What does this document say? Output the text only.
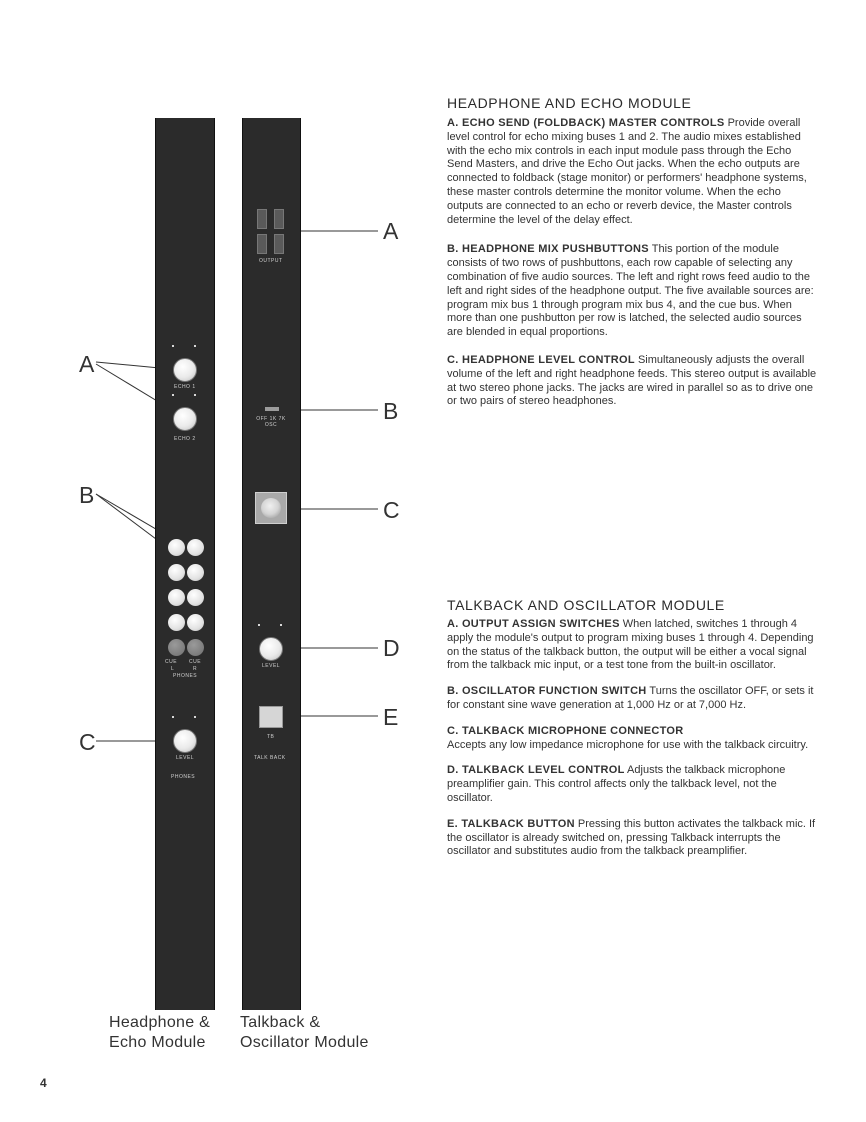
ECHO 1
ECHO 2
CUE CUE
L	R
PHONES
LEVEL
PHONES
OUTPUT
OFF 1K 7K OSC
LEVEL
TB
TALK BACK
A
B
C
A
B
C
D
E
Headphone &
Echo Module
Talkback &
Oscillator Module
HEADPHONE AND ECHO MODULE

A. ECHO SEND (FOLDBACK) MASTER CONTROLS Provide overall level control for echo mixing buses 1 and 2. The audio mixes established with the echo mix controls in each input module pass through the Echo Send Masters, and drive the Echo Out jacks. When the echo outputs are connected to foldback (stage monitor) or performers' headphone systems, these master controls determine the monitor volume. When the echo outputs are connected to an echo or reverb device, the Master controls determine the level of the delay effect.

B. HEADPHONE MIX PUSHBUTTONS This portion of the module consists of two rows of pushbuttons, each row capable of selecting any combination of five audio sources. The left and right rows feed audio to the left and right sides of the headphone output. The five available sources are: program mix bus 1 through program mix bus 4, and the cue bus. When more than one pushbutton per row is latched, the selected audio sources are blended in equal proportions.

C. HEADPHONE LEVEL CONTROL Simultaneously adjusts the overall volume of the left and right headphone feeds. This stereo output is available at two stereo phone jacks. The jacks are wired in parallel so as to drive one or two pairs of stereo headphones.

TALKBACK AND OSCILLATOR MODULE

A. OUTPUT ASSIGN SWITCHES When latched, switches 1 through 4 apply the module's output to program mixing buses 1 through 4. Depending on the status of the talkback button, the output will be either a vocal signal from the talkback mic input, or a test tone from the built-in oscillator.

B. OSCILLATOR FUNCTION SWITCH Turns the oscillator OFF, or sets it for constant sine wave generation at 1,000 Hz or at 7,000 Hz.

C. TALKBACK MICROPHONE CONNECTOR
Accepts any low impedance microphone for use with the talkback circuitry.

D. TALKBACK LEVEL CONTROL Adjusts the talkback microphone preamplifier gain. This control affects only the talkback level, not the oscillator.

E. TALKBACK BUTTON Pressing this button activates the talkback mic. If the oscillator is already switched on, pressing Talkback interrupts the oscillator and substitutes audio from the talkback preamplifier.

4
